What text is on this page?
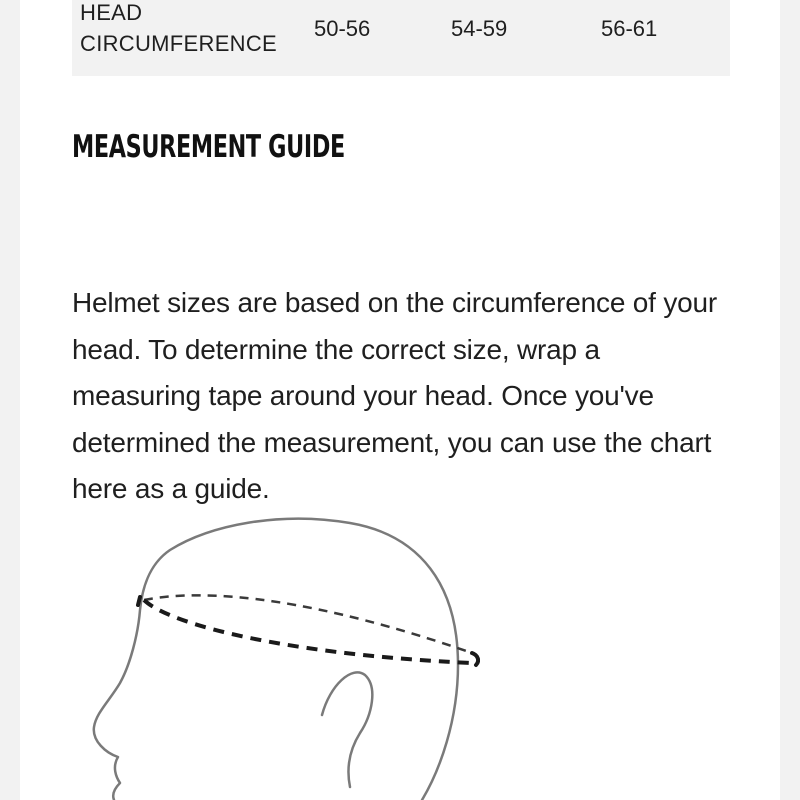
HEAD
CIRCUMFERENCE
50-56	54-59	56-61
MEASUREMENT GUIDE

Helmet sizes are based on the circumference of your head. To determine the correct size, wrap a measuring tape around your head. Once you've determined the measurement, you can use the chart here as a guide.
